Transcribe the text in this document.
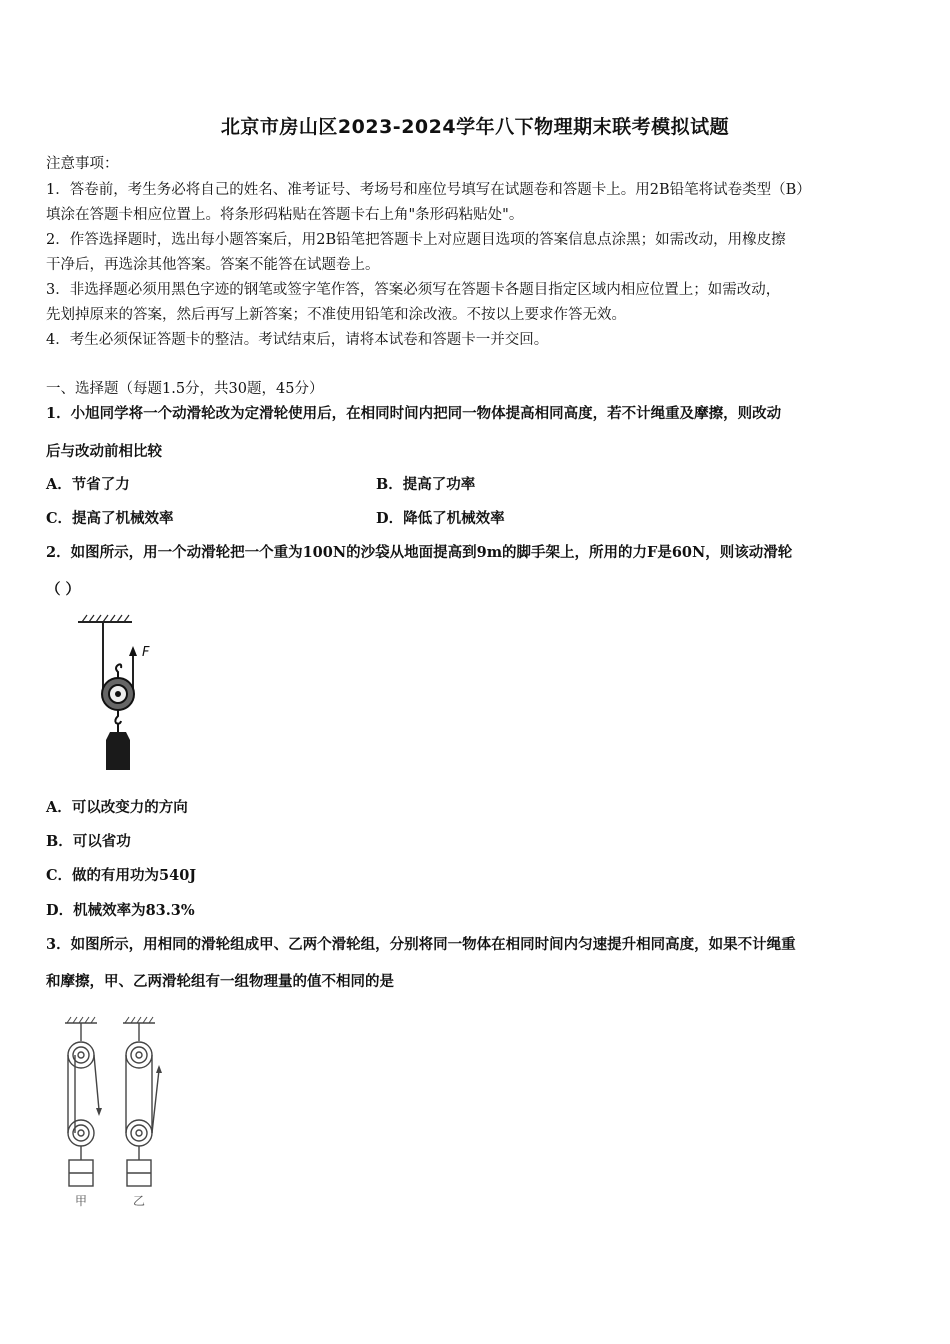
北京市房山区2023-2024学年八下物理期末联考模拟试题
注意事项：
1．答卷前，考生务必将自己的姓名、准考证号、考场号和座位号填写在试题卷和答题卡上。用2B铅笔将试卷类型（B）
填涂在答题卡相应位置上。将条形码粘贴在答题卡右上角"条形码粘贴处"。
2．作答选择题时，选出每小题答案后，用2B铅笔把答题卡上对应题目选项的答案信息点涂黑；如需改动，用橡皮擦
干净后，再选涂其他答案。答案不能答在试题卷上。
3．非选择题必须用黑色字迹的钢笔或签字笔作答，答案必须写在答题卡各题目指定区域内相应位置上；如需改动，
先划掉原来的答案，然后再写上新答案；不准使用铅笔和涂改液。不按以上要求作答无效。
4．考生必须保证答题卡的整洁。考试结束后，请将本试卷和答题卡一并交回。
一、选择题（每题1.5分，共30题，45分）
1．小旭同学将一个动滑轮改为定滑轮使用后，在相同时间内把同一物体提高相同高度，若不计绳重及摩擦，则改动
后与改动前相比较
A．节省了力	B．提高了功率
C．提高了机械效率	D．降低了机械效率
2．如图所示，用一个动滑轮把一个重为100N的沙袋从地面提高到9m的脚手架上，所用的力F是60N，则该动滑轮
（ ）
F
A．可以改变力的方向
B．可以省功
C．做的有用功为540J
D．机械效率为83.3%
3．如图所示，用相同的滑轮组成甲、乙两个滑轮组，分别将同一物体在相同时间内匀速提升相同高度，如果不计绳重
和摩擦，甲、乙两滑轮组有一组物理量的值不相同的是
甲	乙
